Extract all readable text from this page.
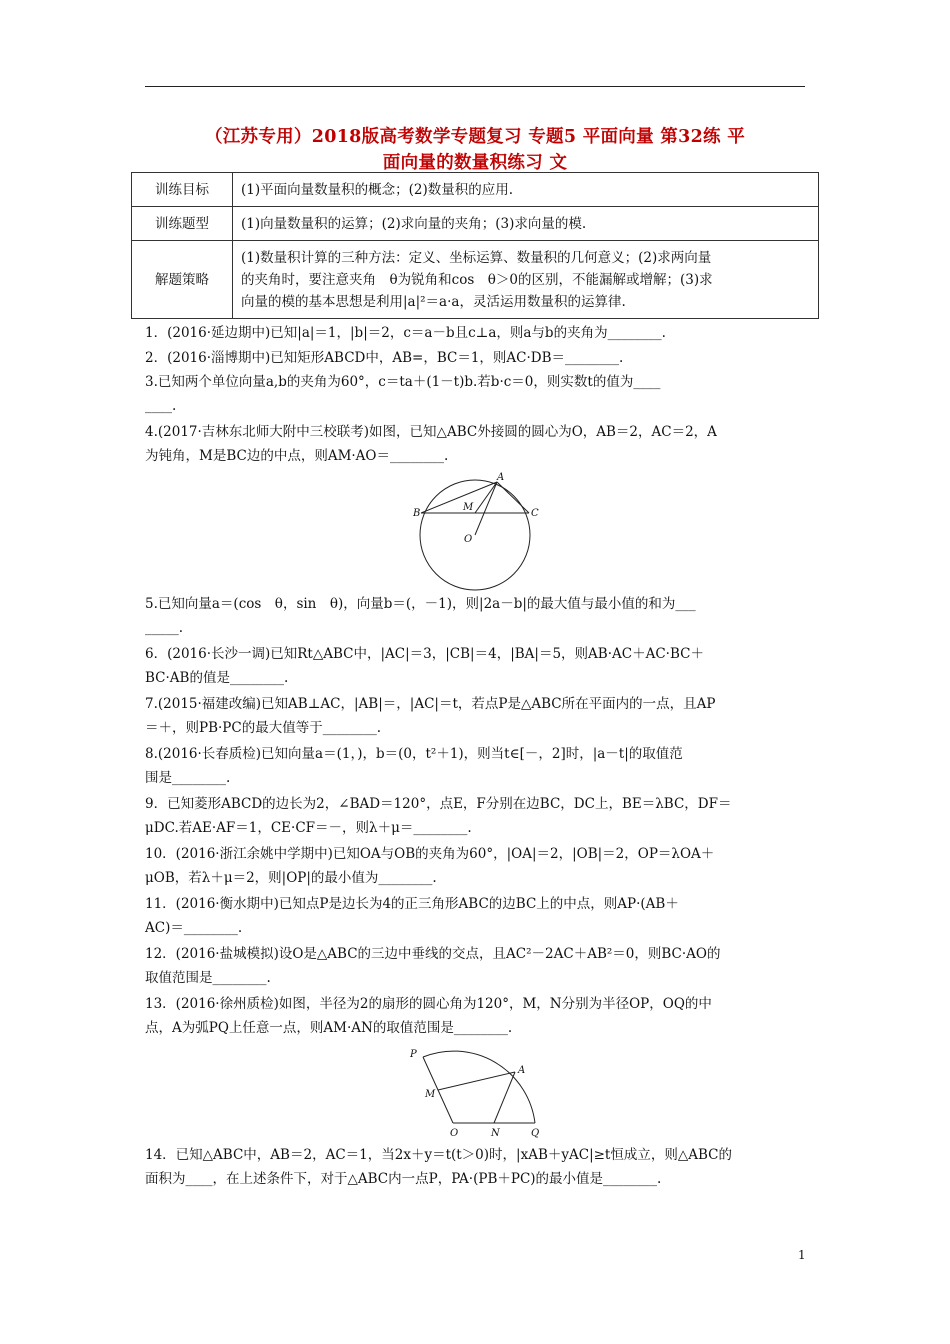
（江苏专用）2018版高考数学专题复习 专题5 平面向量 第32练 平
面向量的数量积练习 文
训练目标	(1)平面向量数量积的概念；(2)数量积的应用.
训练题型	(1)向量数量积的运算；(2)求向量的夹角；(3)求向量的模.
解题策略	(1)数量积计算的三种方法：定义、坐标运算、数量积的几何意义；(2)求两向量
的夹角时，要注意夹角　θ为锐角和cos　θ＞0的区别，不能漏解或增解；(3)求
向量的模的基本思想是利用|a|²＝a·a，灵活运用数量积的运算律.
1．(2016·延边期中)已知|a|＝1，|b|＝2，c＝a－b且c⊥a，则a与b的夹角为________.
2．(2016·淄博期中)已知矩形ABCD中，AB=，BC＝1，则AC·DB＝________.
3.已知两个单位向量a,b的夹角为60°，c＝ta＋(1－t)b.若b·c＝0，则实数t的值为____
____.
4.(2017·吉林东北师大附中三校联考)如图，已知△ABC外接圆的圆心为O，AB＝2，AC＝2，A
为钝角，M是BC边的中点，则AM·AO＝________.
A
B	C
M
O
5.已知向量a＝(cos　θ，sin　θ)，向量b＝(，－1)，则|2a－b|的最大值与最小值的和为___
_____.
6．(2016·长沙一调)已知Rt△ABC中，|AC|＝3，|CB|＝4，|BA|＝5，则AB·AC＋AC·BC＋
BC·AB的值是________.
7.(2015·福建改编)已知AB⊥AC，|AB|＝，|AC|＝t，若点P是△ABC所在平面内的一点，且AP
＝＋，则PB·PC的最大值等于________.
8.(2016·长春质检)已知向量a＝(1，)，b＝(0，t²＋1)，则当t∈[－，2]时，|a－t|的取值范
围是________.
9．已知菱形ABCD的边长为2，∠BAD＝120°，点E，F分别在边BC，DC上，BE＝λBC，DF＝
μDC.若AE·AF＝1，CE·CF＝－，则λ＋μ＝________.
10．(2016·浙江余姚中学期中)已知OA与OB的夹角为60°，|OA|＝2，|OB|＝2，OP＝λOA＋
μOB，若λ＋μ＝2，则|OP|的最小值为________.
11．(2016·衡水期中)已知点P是边长为4的正三角形ABC的边BC上的中点，则AP·(AB＋
AC)＝________.
12．(2016·盐城模拟)设O是△ABC的三边中垂线的交点，且AC²－2AC＋AB²＝0，则BC·AO的
取值范围是________.
13．(2016·徐州质检)如图，半径为2的扇形的圆心角为120°，M，N分别为半径OP，OQ的中
点，A为弧PQ上任意一点，则AM·AN的取值范围是________.
P
A
M
O	N	Q
14．已知△ABC中，AB＝2，AC＝1，当2x＋y＝t(t＞0)时，|xAB＋yAC|≥t恒成立，则△ABC的
面积为____，在上述条件下，对于△ABC内一点P，PA·(PB＋PC)的最小值是________.
1
